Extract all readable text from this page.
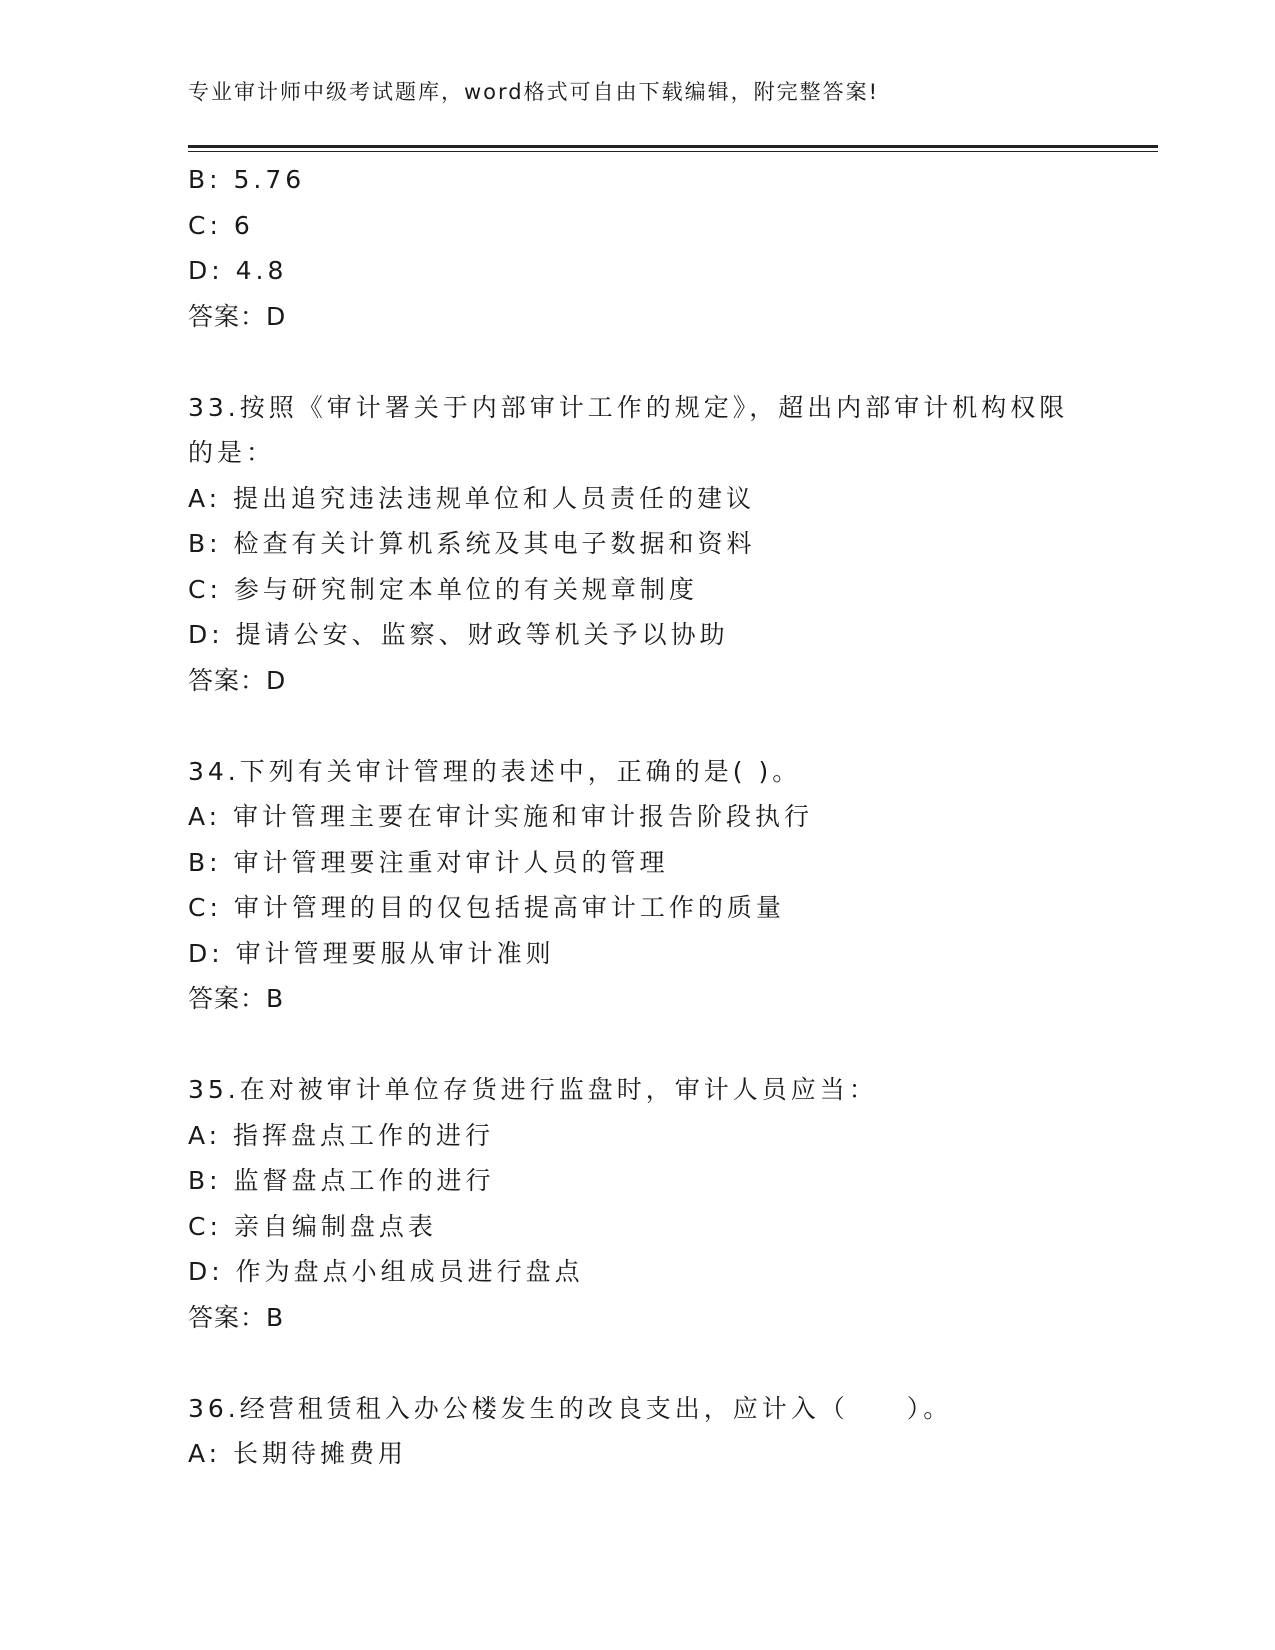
专业审计师中级考试题库，word格式可自由下载编辑，附完整答案!
B: 5.76
C: 6
D: 4.8
答案：D
33.按照《审计署关于内部审计工作的规定》，超出内部审计机构权限
的是：
A: 提出追究违法违规单位和人员责任的建议
B: 检查有关计算机系统及其电子数据和资料
C: 参与研究制定本单位的有关规章制度
D: 提请公安、监察、财政等机关予以协助
答案：D
34.下列有关审计管理的表述中，正确的是( )。
A: 审计管理主要在审计实施和审计报告阶段执行
B: 审计管理要注重对审计人员的管理
C: 审计管理的目的仅包括提高审计工作的质量
D: 审计管理要服从审计准则
答案：B
35.在对被审计单位存货进行监盘时，审计人员应当：
A: 指挥盘点工作的进行
B: 监督盘点工作的进行
C: 亲自编制盘点表
D: 作为盘点小组成员进行盘点
答案：B
36.经营租赁租入办公楼发生的改良支出，应计入（　　）。
A: 长期待摊费用
